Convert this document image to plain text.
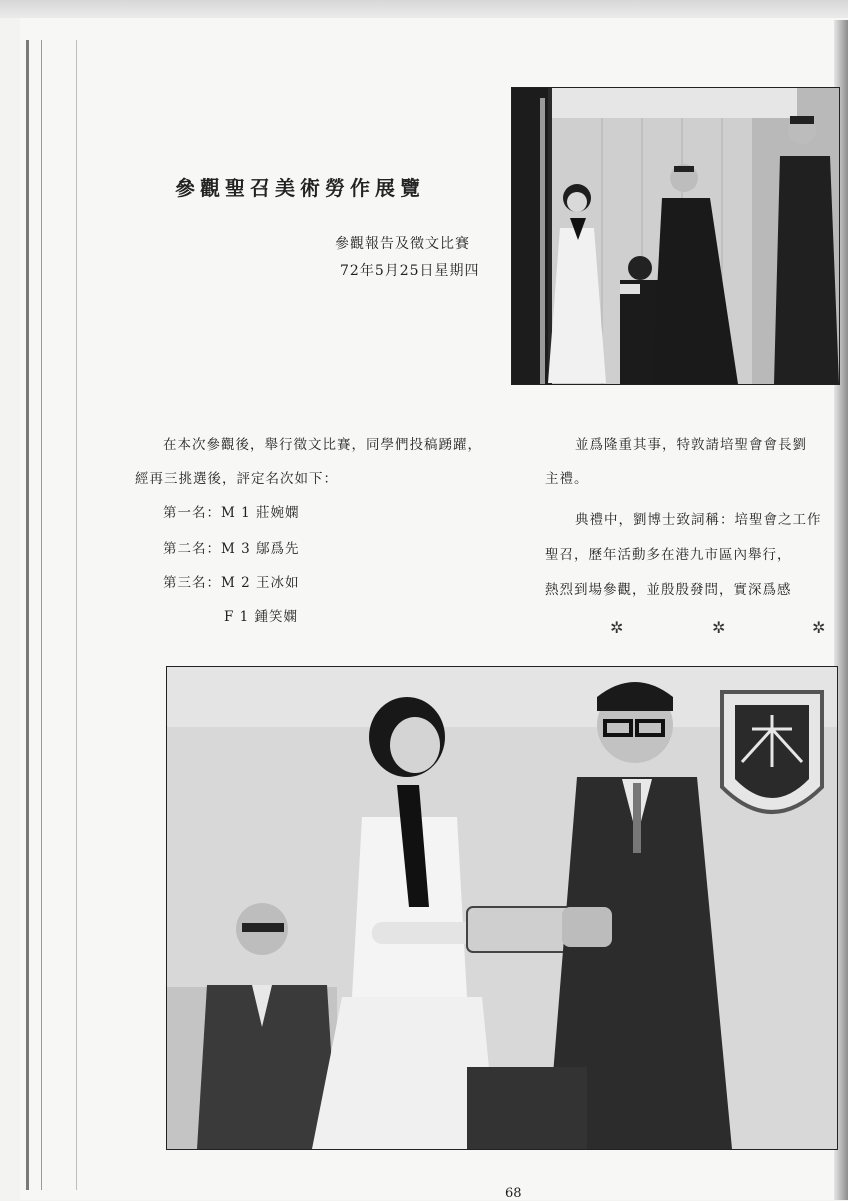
參觀聖召美術勞作展覽
參觀報告及徵文比賽
72年5月25日星期四
在本次參觀後，舉行徵文比賽，同學們投稿踴躍，
經再三挑選後，評定名次如下：
第一名：M 1 莊婉嫻
第二名：M 3 鄔爲先
第三名：M 2 王冰如
F 1 鍾笑嫻
並爲隆重其事，特敦請培聖會會長劉
主禮。
典禮中，劉博士致詞稱：培聖會之工作
聖召，歷年活動多在港九市區內舉行，
熱烈到場參觀，並殷殷發問，實深爲感
✲	✲	✲
68
